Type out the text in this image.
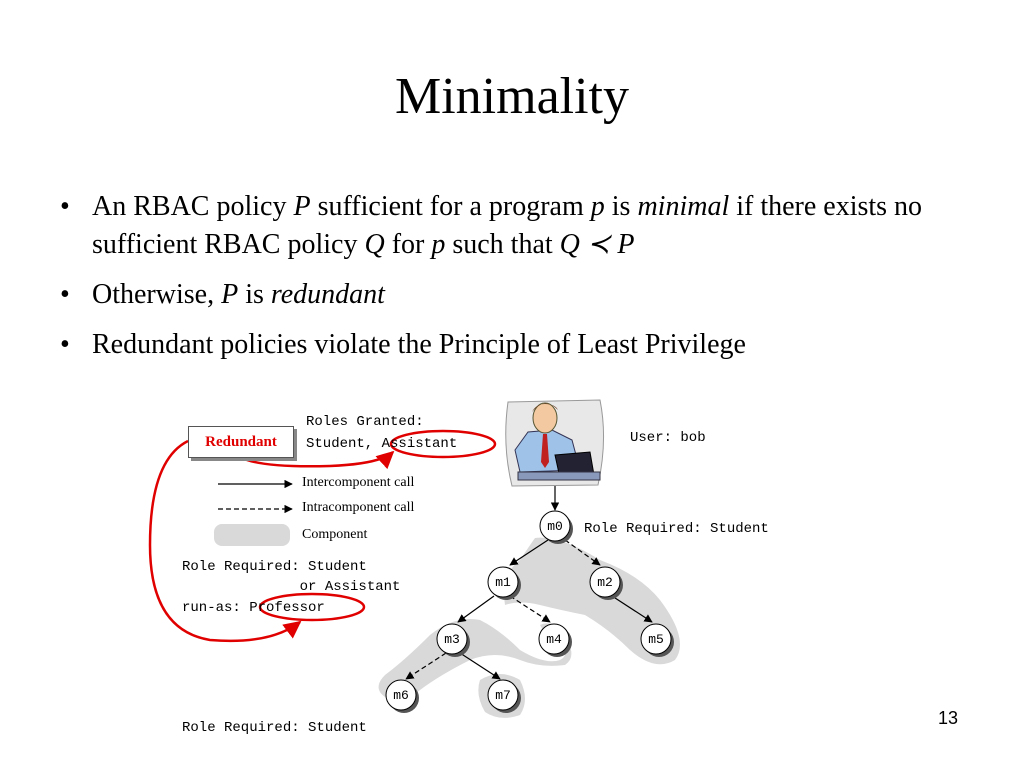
Minimality
• An RBAC policy P sufficient for a program p is minimal if there exists no sufficient RBAC policy Q for p such that Q ≺ P
• Otherwise, P is redundant
• Redundant policies violate the Principle of Least Privilege
m0
m1	m2
m3	m4	m5
m6	m7
Redundant
Roles Granted:
Student, Assistant	User: bob
Intercomponent call
Intracomponent call
Component	Role Required: Student
Role Required: Student
or Assistant
run-as: Professor
Role Required: Student	13
